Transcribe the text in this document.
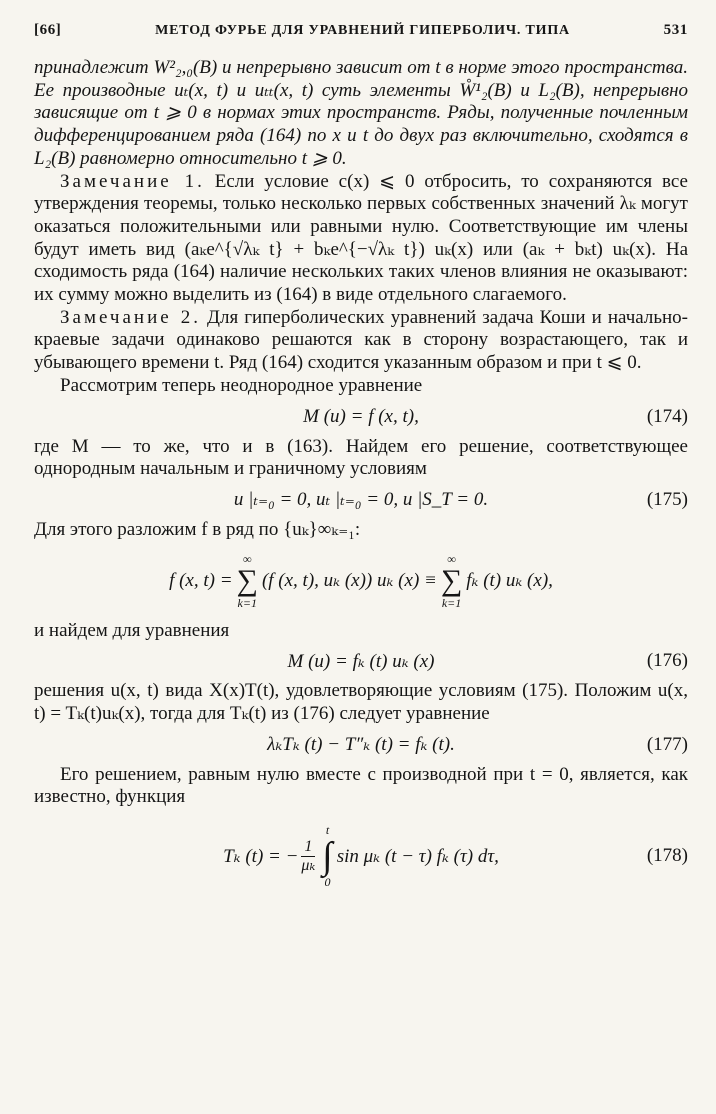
[66]	МЕТОД ФУРЬЕ ДЛЯ УРАВНЕНИЙ ГИПЕРБОЛИЧ. ТИПА	531

принадлежит W²₂,₀(B) и непрерывно зависит от t в норме этого пространства. Ее производные uₜ(x, t) и uₜₜ(x, t) суть элементы W̊¹₂(B) и L₂(B), непрерывно зависящие от t ⩾ 0 в нормах этих пространств. Ряды, полученные почленным дифференцированием ряда (164) по x и t до двух раз включительно, сходятся в L₂(B) равномерно относительно t ⩾ 0.

Замечание 1. Если условие c(x) ⩽ 0 отбросить, то сохраняются все утверждения теоремы, только несколько первых собственных значений λₖ могут оказаться положительными или равными нулю. Соответствующие им члены будут иметь вид (aₖe^{√λₖ t} + bₖe^{−√λₖ t}) uₖ(x) или (aₖ + bₖt) uₖ(x). На сходимость ряда (164) наличие нескольких таких членов влияния не оказывают: их сумму можно выделить из (164) в виде отдельного слагаемого.

Замечание 2. Для гиперболических уравнений задача Коши и начально-краевые задачи одинаково решаются как в сторону возрастающего, так и убывающего времени t. Ряд (164) сходится указанным образом и при t ⩽ 0.

Рассмотрим теперь неоднородное уравнение

M (u) = f (x, t),	(174)

где M — то же, что и в (163). Найдем его решение, соответствующее однородным начальным и граничному условиям

u |ₜ₌₀ = 0, uₜ |ₜ₌₀ = 0, u |S_T = 0.	(175)

Для этого разложим f в ряд по {uₖ}∞ₖ₌₁:

f (x, t) =
∞
∑
k=1
(f (x, t), uₖ (x)) uₖ (x) ≡
∞
∑
k=1
fₖ (t) uₖ (x),

и найдем для уравнения

M (u) = fₖ (t) uₖ (x)	(176)

решения u(x, t) вида X(x)T(t), удовлетворяющие условиям (175). Положим u(x, t) = Tₖ(t)uₖ(x), тогда для Tₖ(t) из (176) следует уравнение

λₖTₖ (t) − T″ₖ (t) = fₖ (t).	(177)

Его решением, равным нулю вместе с производной при t = 0, является, как известно, функция

Tₖ (t) = − $\frac{1}{\text{μₖ}}$
t
∫
0
sin μₖ (t − τ) fₖ (τ) dτ,	(178)
